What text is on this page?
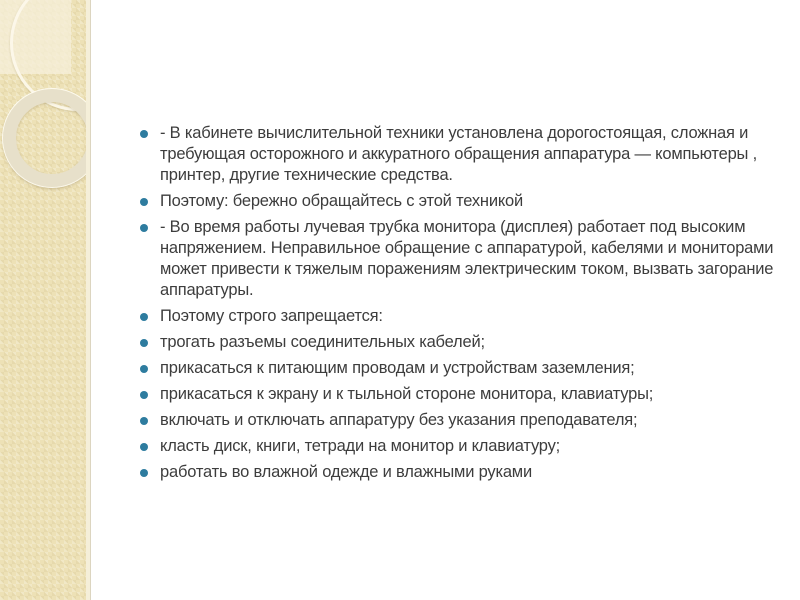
- В кабинете вычислительной техники установлена дорогостоящая, сложная и требующая осторожного и аккуратного обращения аппаратура — компьютеры , принтер, другие технические средства.
Поэтому: бережно обращайтесь с этой техникой
- Во время работы лучевая трубка монитора (дисплея) работает под высоким напряжением. Неправильное обращение с аппаратурой, кабелями и мониторами может привести к тяжелым поражениям электрическим током, вызвать загорание аппаратуры.
Поэтому строго запрещается:
трогать разъемы соединительных кабелей;
прикасаться к питающим проводам и устройствам заземления;
прикасаться к экрану и к тыльной стороне монитора, клавиатуры;
включать и отключать аппаратуру без указания преподавателя;
класть диск, книги, тетради на монитор и клавиатуру;
работать во влажной одежде и влажными руками
